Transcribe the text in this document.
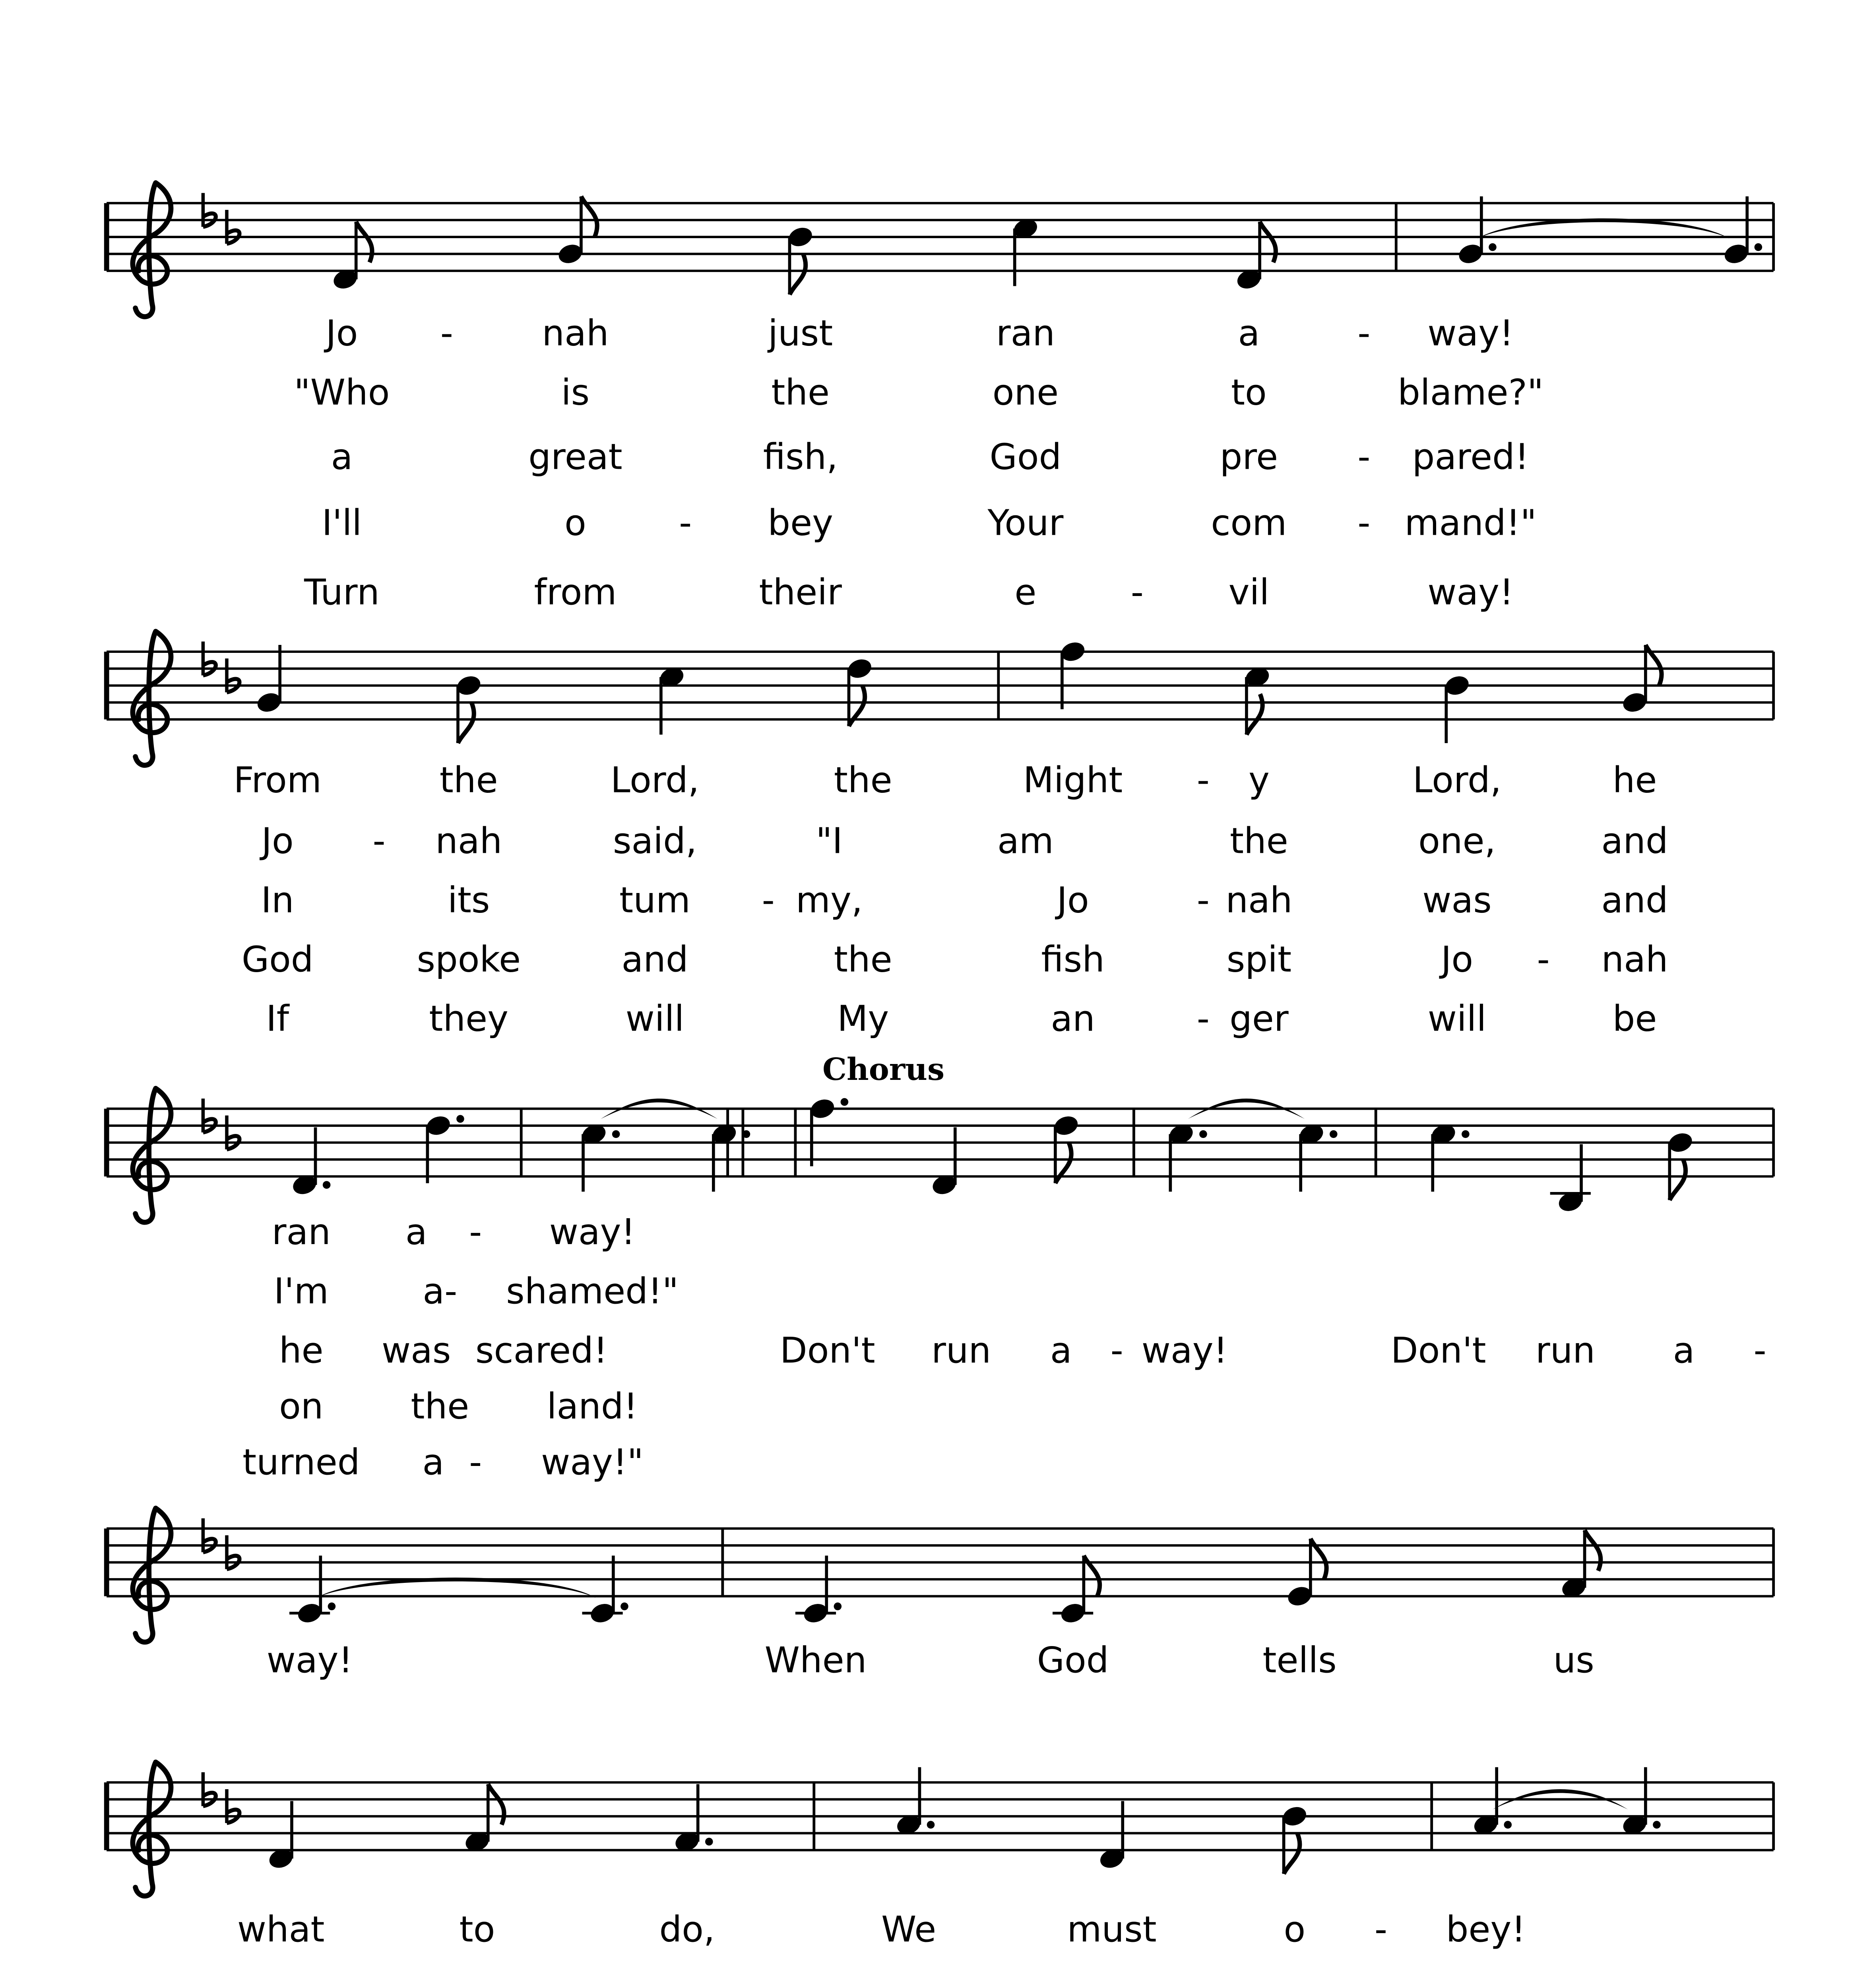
Jo	-	nah	just	ran	a	-	way!
"Who	is	the	one	to	blame?"
a	great	fish,	God	pre	-	pared!
I'll	o	-	bey	Your	com	-	mand!"
Turn	from	their	e	-	vil	way!
From	the	Lord,	the	Might	-	y	Lord,	he
Jo	-	nah	said,	"I	am	the	one,	and
In	its	tum	-	my,	Jo	- nah	was	and
God	spoke	and	the	fish	spit	Jo	-	nah
If	they	will	My	an	- ger	will	be
Chorus
ran	a	-	way!
I'm	a-	shamed!"
he	was	scared!	Don't	run	a	- way!	Don't	run	a	-
on	the	land!
turned	a	-	way!"
way!	When	God	tells	us
what	to	do,	We	must	o	-	bey!
